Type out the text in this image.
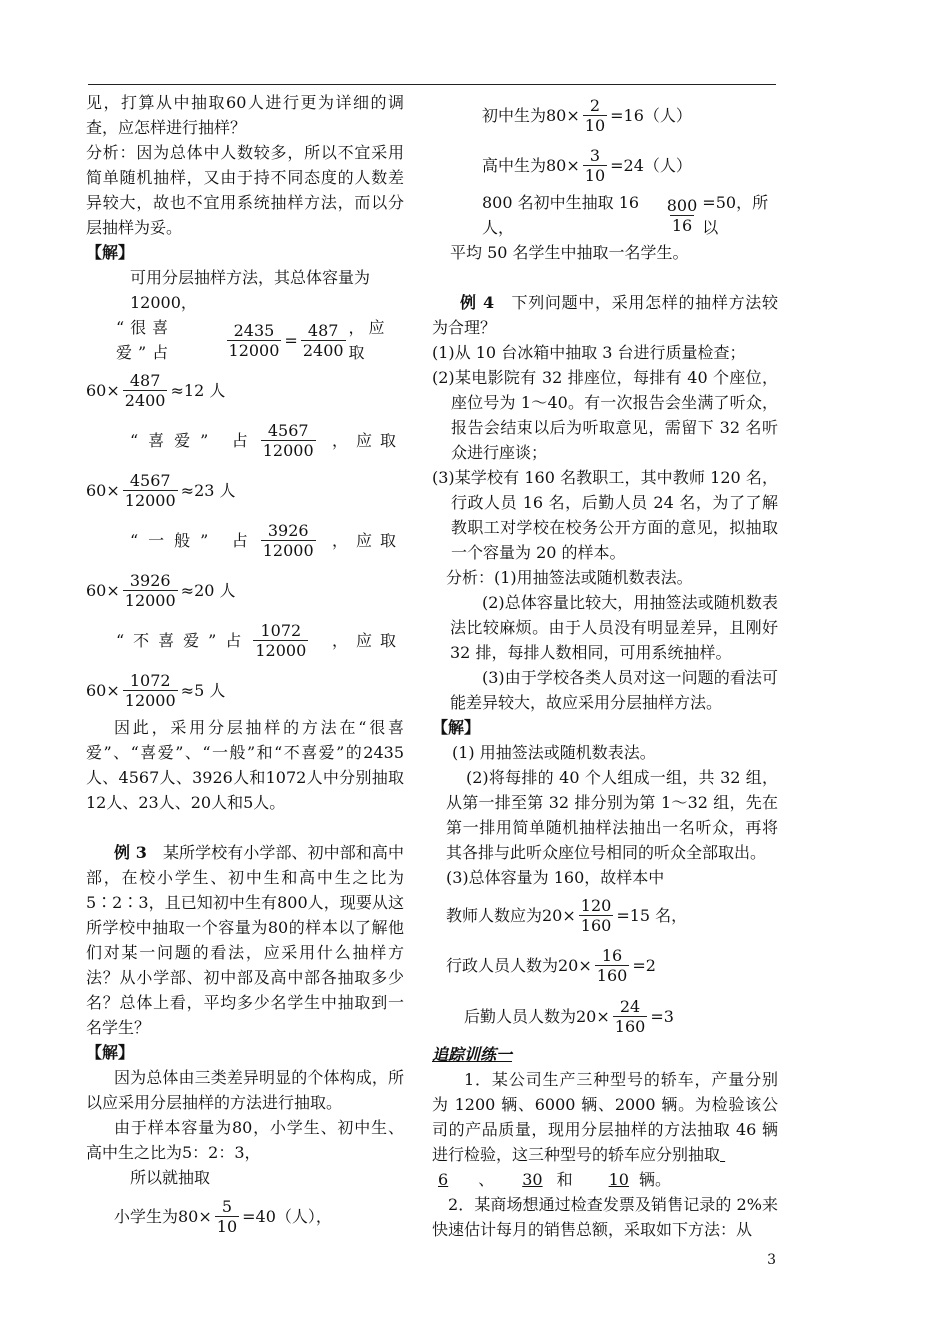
见，打算从中抽取60人进行更为详细的调查，应怎样进行抽样？

分析：因为总体中人数较多，所以不宜采用简单随机抽样，又由于持不同态度的人数差异较大，故也不宜用系统抽样方法，而以分层抽样为妥。

【解】

可用分层抽样方法，其总体容量为12000，

“很喜爱”占	$\frac{2435}{12000} = \frac{487}{2400}$ ，应取
$60\times \frac{487}{2400} \approx 12$ 人
“喜爱” 占
4567
12000
，应取
$60\times \frac{4567}{12000} \approx 23$ 人
“一般” 占
3926
12000
，应取
$60\times \frac{3926}{12000} \approx 20$ 人
“不喜爱”占
1072
12000
，应取
$60\times \frac{1072}{12000} \approx 5$ 人

因此，采用分层抽样的方法在“很喜爱”、“喜爱”、“一般”和“不喜爱”的2435人、4567人、3926人和1072人中分别抽取12人、23人、20人和5人。

例 3　 某所学校有小学部、初中部和高中部，在校小学生、初中生和高中生之比为5∶2∶3，且已知初中生有800人，现要从这所学校中抽取一个容量为80的样本以了解他们对某一问题的看法，应采用什么抽样方法？从小学部、初中部及高中部各抽取多少名？总体上看，平均多少名学生中抽取到一名学生？

【解】

因为总体由三类差异明显的个体构成，所以应采用分层抽样的方法进行抽取。

由于样本容量为80，小学生、初中生、高中生之比为5：2：3，

所以就抽取

小学生为$80\times \frac{5}{10} =40$（人），
初中生为$80\times \frac{2}{10} =16$（人）
高中生为$80\times \frac{3}{10} =24$（人）
800 名初中生抽取 16 人，	$\frac{800}{16} =50$，所以

平均 50 名学生中抽取一名学生。

例 4　 下列问题中，采用怎样的抽样方法较为合理？

(1)从 10 台冰箱中抽取 3 台进行质量检查；

(2)某电影院有 32 排座位，每排有 40 个座位，座位号为 1～40。有一次报告会坐满了听众，报告会结束以后为听取意见，需留下 32 名听众进行座谈；

(3)某学校有 160 名教职工，其中教师 120 名，行政人员 16 名，后勤人员 24 名，为了了解教职工对学校在校务公开方面的意见，拟抽取一个容量为 20 的样本。

分析：(1)用抽签法或随机数表法。

(2)总体容量比较大，用抽签法或随机数表法比较麻烦。由于人员没有明显差异，且刚好 32 排，每排人数相同，可用系统抽样。

(3)由于学校各类人员对这一问题的看法可能差异较大，故应采用分层抽样方法。

【解】

(1) 用抽签法或随机数表法。

(2)将每排的 40 个人组成一组，共 32 组，从第一排至第 32 排分别为第 1～32 组，先在第一排用简单随机抽样法抽出一名听众，再将其各排与此听众座位号相同的听众全部取出。

(3)总体容量为 160，故样本中

教师人数应为$20\times \frac{120}{160} =15$ 名，
行政人员人数为$20\times \frac{16}{160} =2$
后勤人员人数为$20\times \frac{24}{160} =3$

追踪训练一

1．某公司生产三种型号的轿车，产量分别为 1200 辆、6000 辆、2000 辆。为检验该公司的产品质量，现用分层抽样的方法抽取 46 辆进行检验，这三种型号的轿车应分别抽取
6 、 30 和 10 辆。

2．某商场想通过检查发票及销售记录的 2%来快速估计每月的销售总额，采取如下方法：从

3
